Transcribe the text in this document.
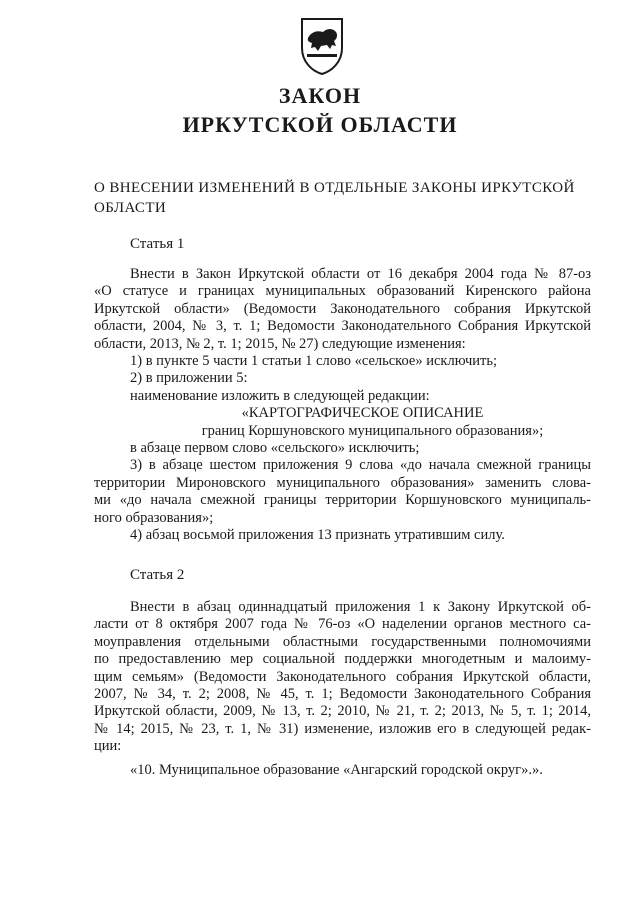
ЗАКОН
ИРКУТСКОЙ ОБЛАСТИ
О ВНЕСЕНИИ ИЗМЕНЕНИЙ В ОТДЕЛЬНЫЕ ЗАКОНЫ ИРКУТСКОЙ
ОБЛАСТИ
Статья 1
Внести в Закон Иркутской области от 16 декабря 2004 года № 87-оз
«О статусе и границах муниципальных образований Киренского района
Иркутской области» (Ведомости Законодательного собрания Иркутской
области, 2004, № 3, т. 1; Ведомости Законодательного Собрания Иркутской
области, 2013, № 2, т. 1; 2015, № 27) следующие изменения:
1) в пункте 5 части 1 статьи 1 слово «сельское» исключить;
2) в приложении 5:
наименование изложить в следующей редакции:
«КАРТОГРАФИЧЕСКОЕ ОПИСАНИЕ
границ Коршуновского муниципального образования»;
в абзаце первом слово «сельского» исключить;
3) в абзаце шестом приложения 9 слова «до начала смежной границы
территории Мироновского муниципального образования» заменить слова-
ми «до начала смежной границы территории Коршуновского муниципаль-
ного образования»;
4) абзац восьмой приложения 13 признать утратившим силу.
Статья 2
Внести в абзац одиннадцатый приложения 1 к Закону Иркутской об-
ласти от 8 октября 2007 года № 76-оз «О наделении органов местного са-
моуправления отдельными областными государственными полномочиями
по предоставлению мер социальной поддержки многодетным и малоиму-
щим семьям» (Ведомости Законодательного собрания Иркутской области,
2007, № 34, т. 2; 2008, № 45, т. 1; Ведомости Законодательного Собрания
Иркутской области, 2009, № 13, т. 2; 2010, № 21, т. 2; 2013, № 5, т. 1; 2014,
№ 14; 2015, № 23, т. 1, № 31) изменение, изложив его в следующей редак-
ции:
«10. Муниципальное образование «Ангарский городской округ».».
